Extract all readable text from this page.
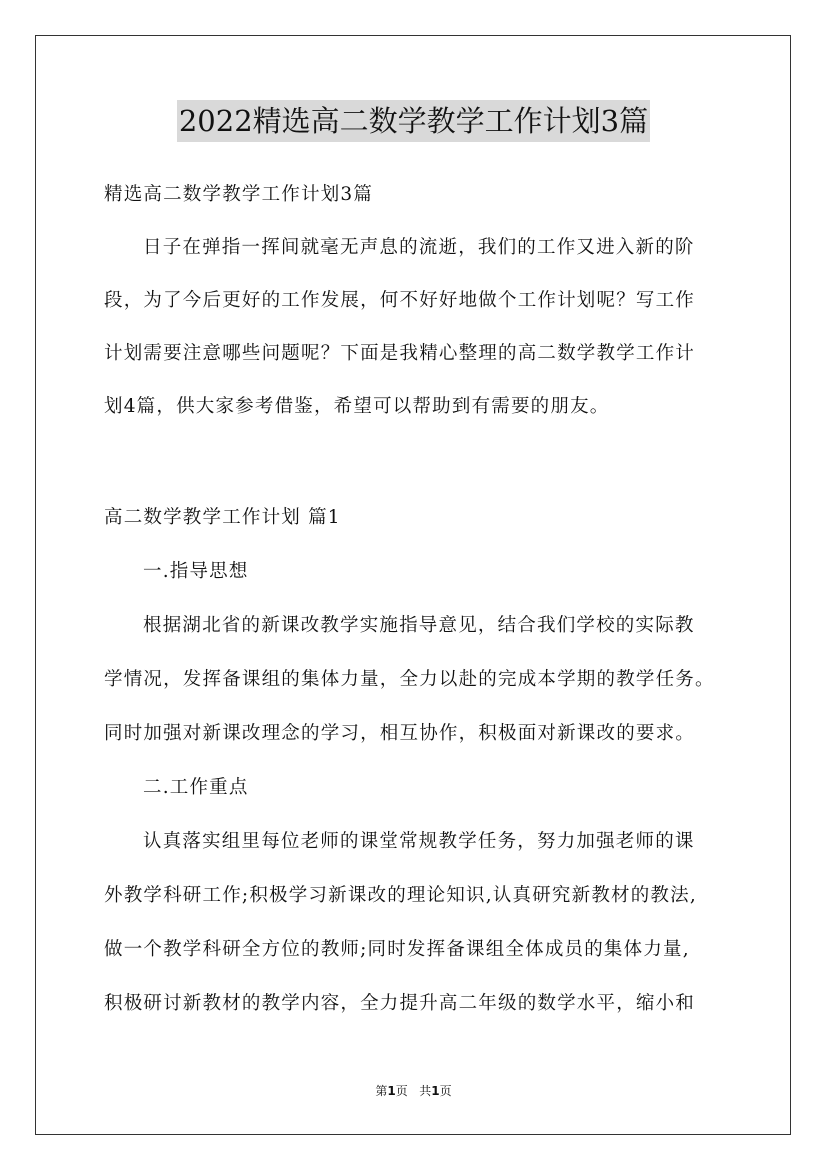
2022精选高二数学教学工作计划3篇
精选高二数学教学工作计划3篇
日子在弹指一挥间就毫无声息的流逝，我们的工作又进入新的阶
段，为了今后更好的工作发展，何不好好地做个工作计划呢？写工作
计划需要注意哪些问题呢？下面是我精心整理的高二数学教学工作计
划4篇，供大家参考借鉴，希望可以帮助到有需要的朋友。
高二数学教学工作计划 篇1
一.指导思想
根据湖北省的新课改教学实施指导意见，结合我们学校的实际教
学情况，发挥备课组的集体力量，全力以赴的完成本学期的教学任务。
同时加强对新课改理念的学习，相互协作，积极面对新课改的要求。
二.工作重点
认真落实组里每位老师的课堂常规教学任务，努力加强老师的课
外教学科研工作;积极学习新课改的理论知识,认真研究新教材的教法,
做一个教学科研全方位的教师;同时发挥备课组全体成员的集体力量,
积极研讨新教材的教学内容，全力提升高二年级的数学水平，缩小和
第1页 共1页
